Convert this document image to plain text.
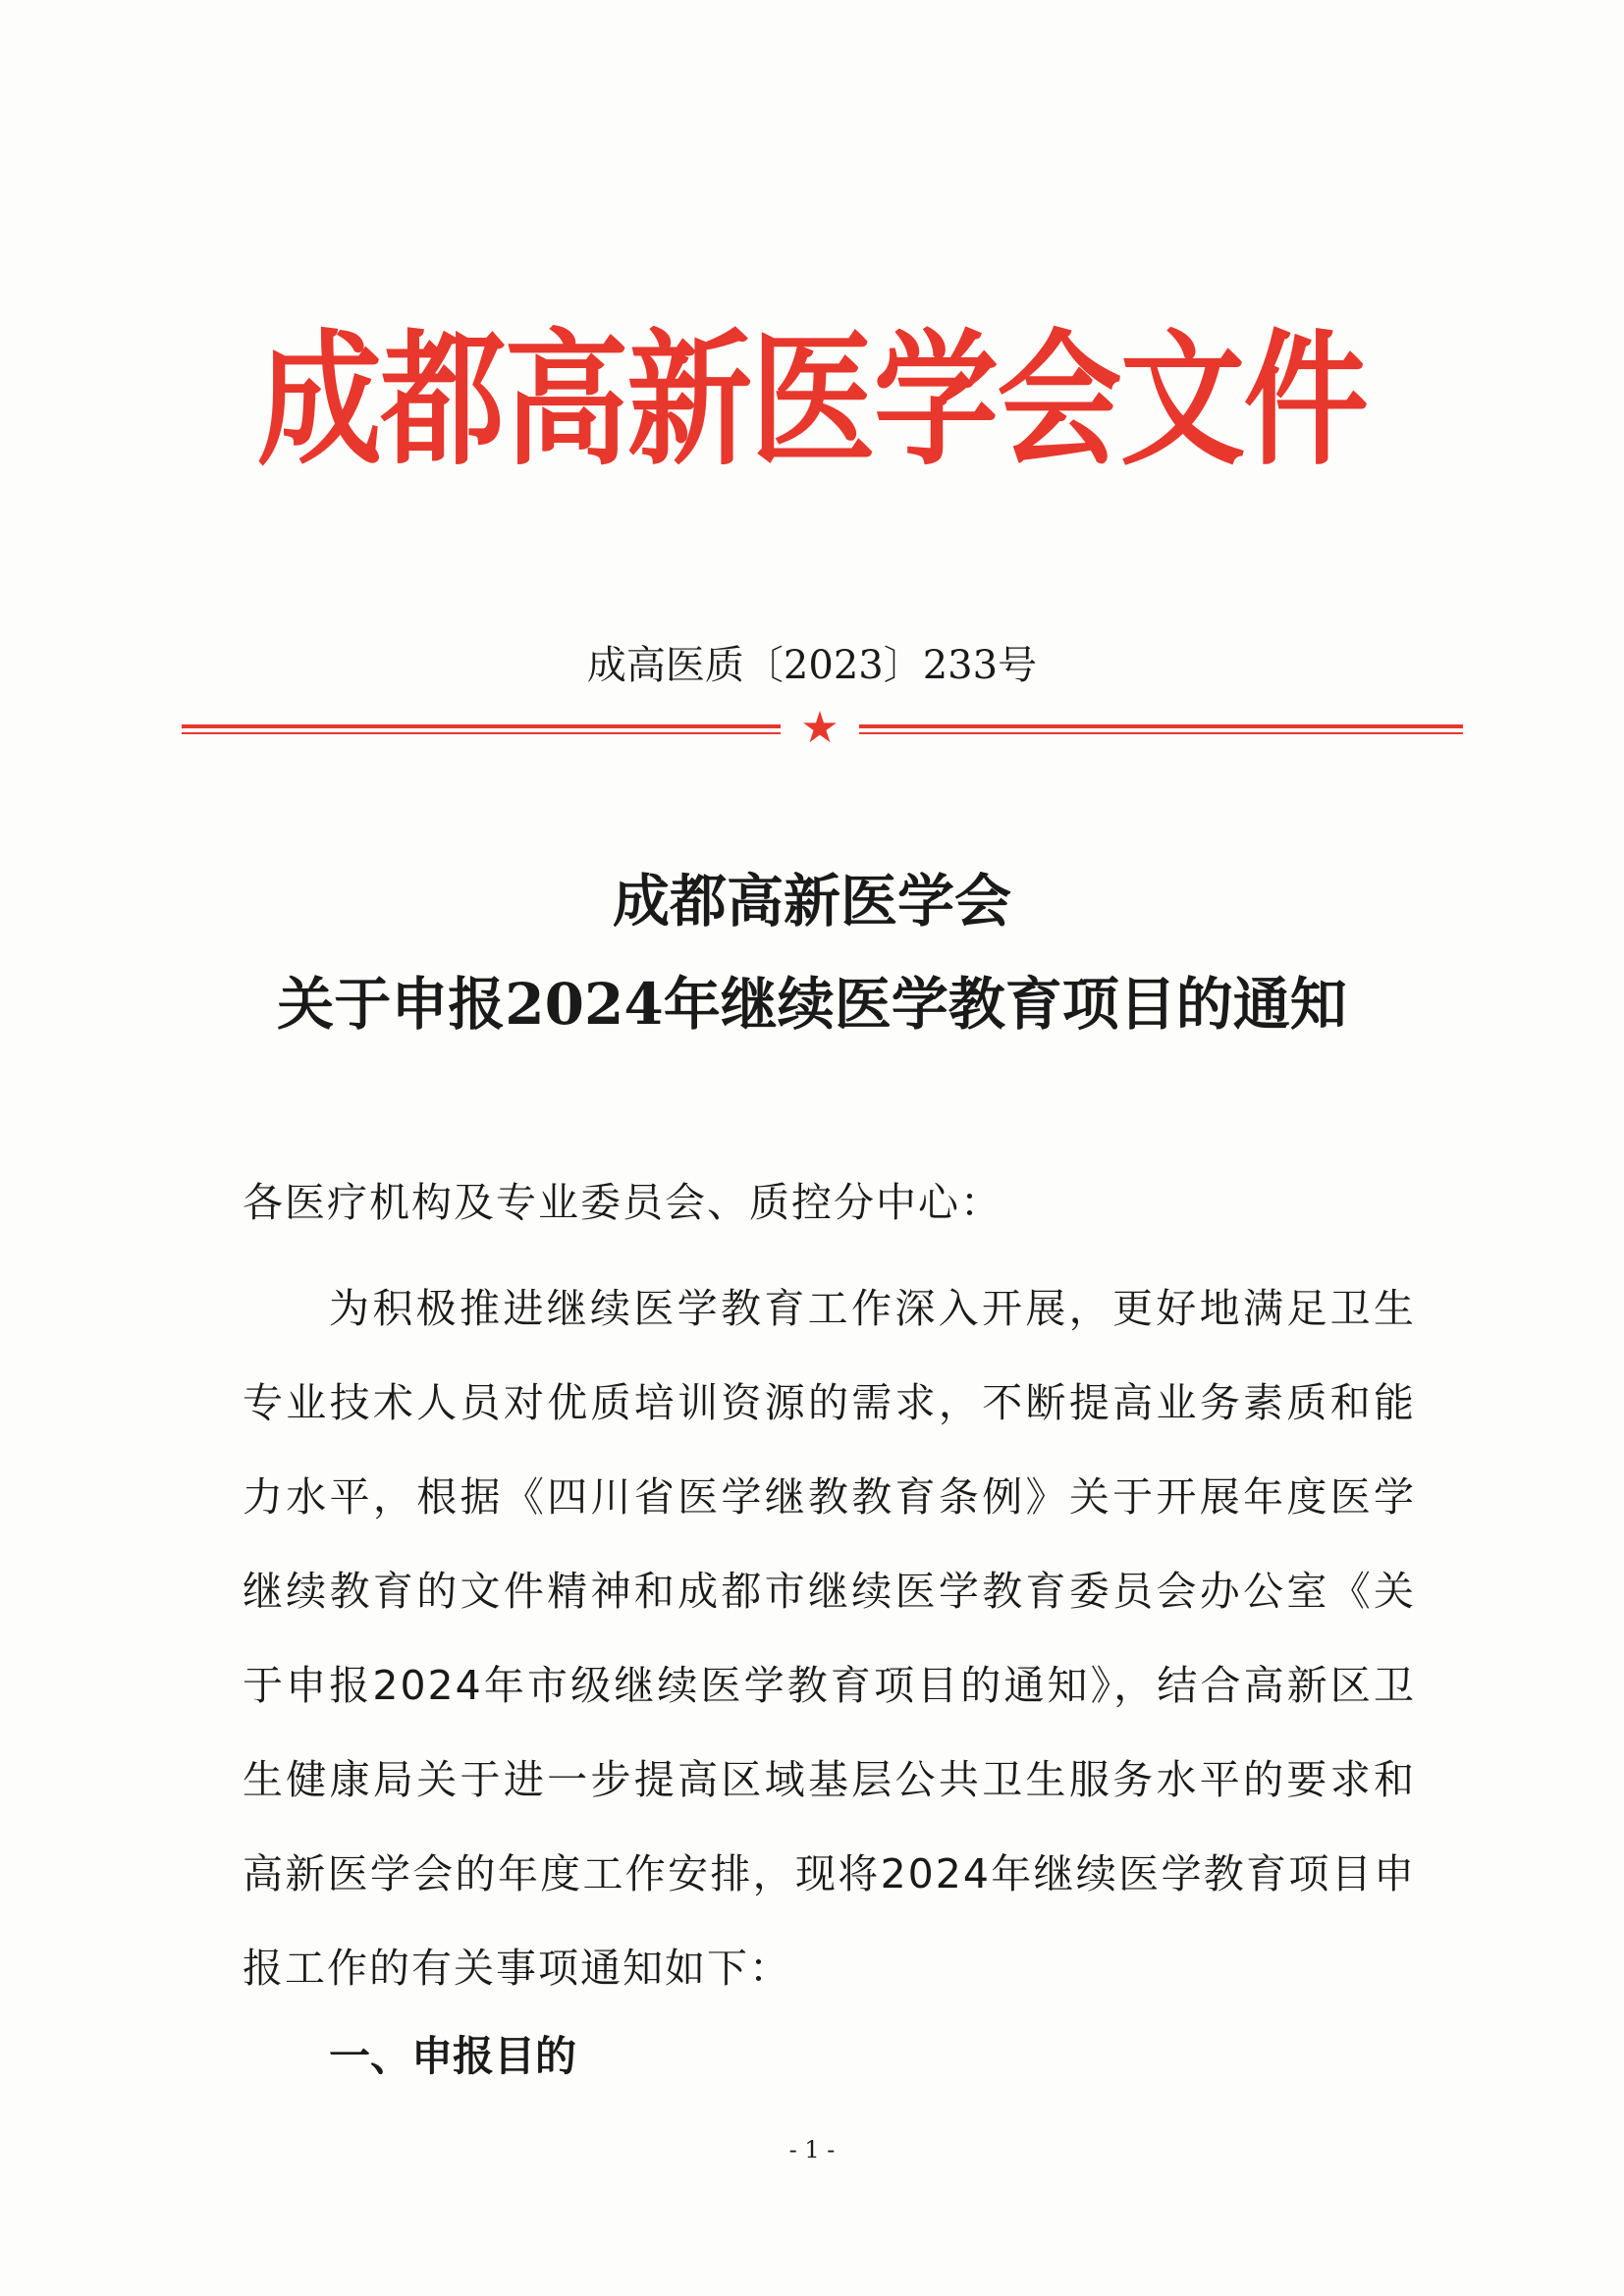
成都高新医学会文件
成高医质〔2023〕233号
★
成都高新医学会
关于申报2024年继续医学教育项目的通知
各医疗机构及专业委员会、质控分中心：
为积极推进继续医学教育工作深入开展，更好地满足卫生专业技术人员对优质培训资源的需求，不断提高业务素质和能力水平，根据《四川省医学继教教育条例》关于开展年度医学继续教育的文件精神和成都市继续医学教育委员会办公室《关于申报2024年市级继续医学教育项目的通知》，结合高新区卫生健康局关于进一步提高区域基层公共卫生服务水平的要求和高新医学会的年度工作安排，现将2024年继续医学教育项目申报工作的有关事项通知如下：
一、申报目的
- 1 -
